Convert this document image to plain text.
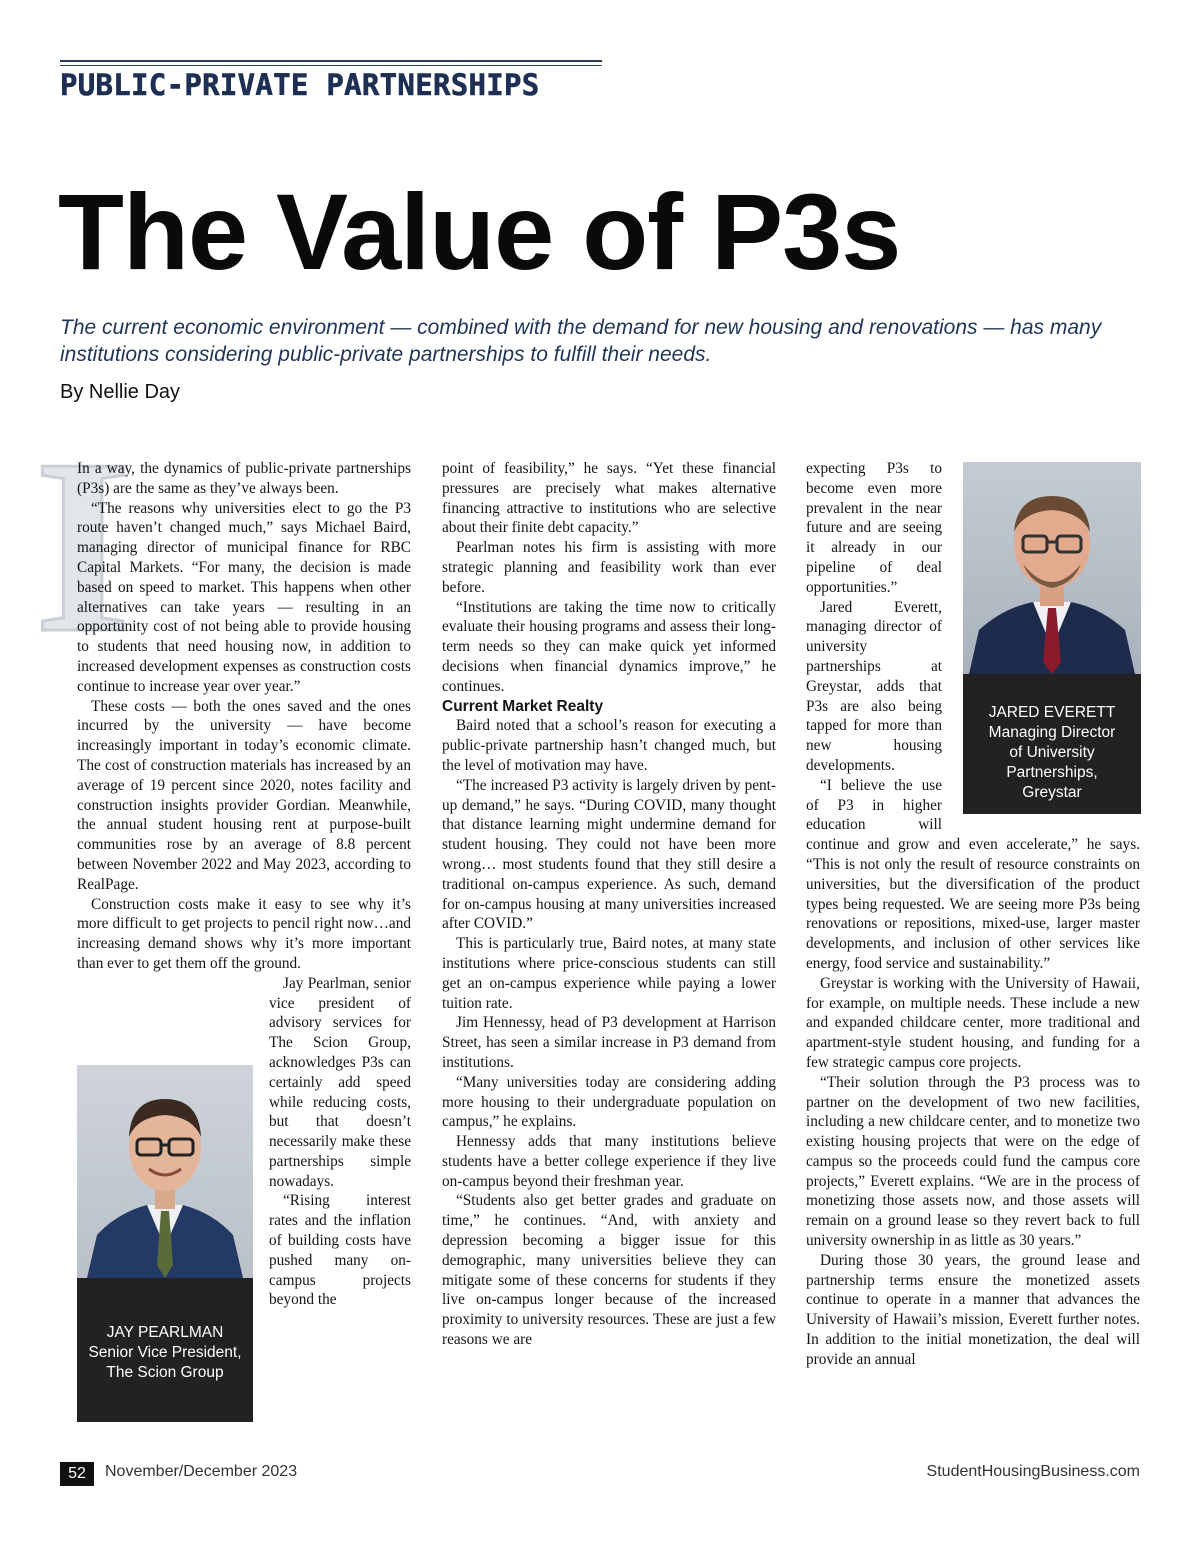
PUBLIC-PRIVATE PARTNERSHIPS
The Value of P3s

The current economic environment — combined with the demand for new housing and renovations — has many institutions considering public-private partnerships to fulfill their needs.

By Nellie Day

I

In a way, the dynamics of public-private partnerships (P3s) are the same as they’ve always been.

“The reasons why universities elect to go the P3 route haven’t changed much,” says Michael Baird, managing director of municipal finance for RBC Capital Markets. “For many, the decision is made based on speed to market. This happens when other alternatives can take years — resulting in an opportunity cost of not being able to provide housing to students that need housing now, in addition to increased development expenses as construction costs continue to increase year over year.”

These costs — both the ones saved and the ones incurred by the university — have become increasingly important in today’s economic climate. The cost of construction materials has increased by an average of 19 percent since 2020, notes facility and construction insights provider Gordian. Meanwhile, the annual student housing rent at purpose-built communities rose by an average of 8.8 percent between November 2022 and May 2023, according to RealPage.

Construction costs make it easy to see why it’s more difficult to get projects to pencil right now…and increasing demand shows why it’s more important than ever to get them off the ground.

Jay Pearlman, senior vice president of advisory services for The Scion Group, acknowledges P3s can certainly add speed while reducing costs, but that doesn’t necessarily make these partnerships simple nowadays.

“Rising interest rates and the inflation of building costs have pushed many on-campus projects beyond the

point of feasibility,” he says. “Yet these financial pressures are precisely what makes alternative financing attractive to institutions who are selective about their finite debt capacity.”

Pearlman notes his firm is assisting with more strategic planning and feasibility work than ever before.

“Institutions are taking the time now to critically evaluate their housing programs and assess their long-term needs so they can make quick yet informed decisions when financial dynamics improve,” he continues.

Current Market Realty

Baird noted that a school’s reason for executing a public-private partnership hasn’t changed much, but the level of motivation may have.

“The increased P3 activity is largely driven by pent-up demand,” he says. “During COVID, many thought that distance learning might undermine demand for student housing. They could not have been more wrong… most students found that they still desire a traditional on-campus experience. As such, demand for on-campus housing at many universities increased after COVID.”

This is particularly true, Baird notes, at many state institutions where price-conscious students can still get an on-campus experience while paying a lower tuition rate.

Jim Hennessy, head of P3 development at Harrison Street, has seen a similar increase in P3 demand from institutions.

“Many universities today are considering adding more housing to their undergraduate population on campus,” he explains.

Hennessy adds that many institutions believe students have a better college experience if they live on-campus beyond their freshman year.

“Students also get better grades and graduate on time,” he continues. “And, with anxiety and depression becoming a bigger issue for this demographic, many universities believe they can mitigate some of these concerns for students if they live on-campus longer because of the increased proximity to university resources. These are just a few reasons we are

expecting P3s to become even more prevalent in the near future and are seeing it already in our pipeline of deal opportunities.”

Jared Everett, managing director of university partnerships at Greystar, adds that P3s are also being tapped for more than new housing developments.

“I believe the use of P3 in higher education will continue and grow and even accelerate,” he says. “This is not only the result of resource constraints on universities, but the diversification of the product types being requested. We are seeing more P3s being renovations or repositions, mixed-use, larger master developments, and inclusion of other services like energy, food service and sustainability.”

Greystar is working with the University of Hawaii, for example, on multiple needs. These include a new and expanded childcare center, more traditional and apartment-style student housing, and funding for a few strategic campus core projects.

“Their solution through the P3 process was to partner on the development of two new facilities, including a new childcare center, and to monetize two existing housing projects that were on the edge of campus so the proceeds could fund the campus core projects,” Everett explains. “We are in the process of monetizing those assets now, and those assets will remain on a ground lease so they revert back to full university ownership in as little as 30 years.”

During those 30 years, the ground lease and partnership terms ensure the monetized assets continue to operate in a manner that advances the University of Hawaii’s mission, Everett further notes. In addition to the initial monetization, the deal will provide an annual

JAY PEARLMAN
Senior Vice President,
The Scion Group
JARED EVERETT
Managing Director
of University
Partnerships,
Greystar
52	November/December 2023	StudentHousingBusiness.com
